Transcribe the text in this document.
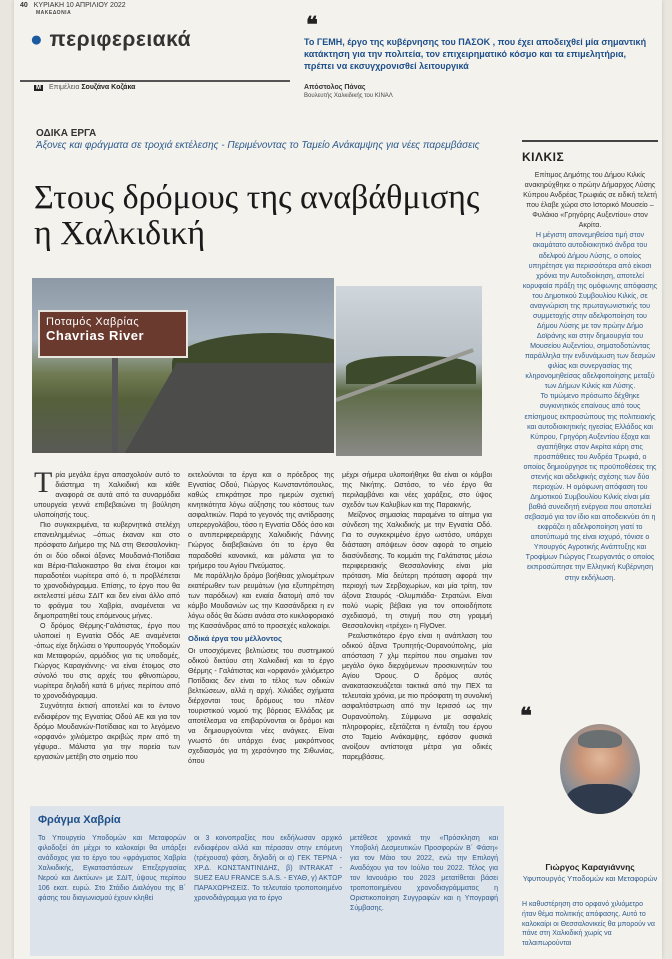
40 ΚΥΡΙΑΚΗ 10 ΑΠΡΙΛΙΟΥ 2022
ΜΑΚΕΔΟΝΙΑ
● περιφερειακά	Το ΓΕΜΗ, έργο της κυβέρνησης του ΠΑΣΟΚ , που έχει αποδειχθεί μία σημαντική κατάκτηση για την πολιτεία, τον επιχειρηματικό κόσμο και τα επιμελητήρια, πρέπει να εκσυγχρονισθεί λειτουργικά
Απόστολος Πάνας
Βουλευτής Χαλκιδικής του ΚΙΝΑΛ
❝
M Επιμέλεια Σουζάνα Κοζάκα
ΟΔΙΚΑ ΕΡΓΑ
Άξονες και φράγματα σε τροχιά εκτέλεσης - Περιμένοντας το Ταμείο Ανάκαμψης για νέες παρεμβάσεις
Στους δρόμους της αναβάθμισης η Χαλκιδική
Ποταμός Χαβρίας
Chavrias River

Τρία μεγάλα έργα απασχολούν αυτό το διάστημα τη Χαλκιδική και κάθε αναφορά σε αυτά από τα συναρμόδια υπουργεία γεννά επιβεβαιώνει τη βούληση υλοποίησής τους.

Πιο συγκεκριμένα, τα κυβερνητικά στελέχη επανειλημμένως –όπως έκαναν και στο πρόσφατο Διήμερο της ΝΔ στη Θεσσαλονίκη- ότι οι δύο οδικοί άξονες Μουδανιά-Ποτίδαια και Βέρια-Παλιοκαστρο θα είναι έτοιμοι και παραδοτέοι νωρίτερα από ό, τι προβλέπεται το χρονοδιάγραμμα. Επίσης, το έργο που θα εκτελεστεί μέσω ΣΔΙΤ και δεν είναι άλλο από το φράγμα του Χαβρία, αναμένεται να δημοπρατηθεί τους επόμενους μήνες.

Ο δρόμος Θέρμης-Γαλάτιστας, έργο που υλοποιεί η Εγνατία Οδός ΑΕ αναμένεται -όπως είχε δηλώσει ο Υφυπουργός Υποδομών και Μεταφορών, αρμόδιος για τις υποδομές, Γιώργος Καραγιάννης- να είναι έτοιμος στο σύνολό του στις αρχές του φθινοπώρου, νωρίτερα δηλαδή κατά 6 μήνες περίπου από το χρονοδιάγραμμα.

Συχνότητα έκτισή αποτελεί και το έντονο ενδιαφέρον της Εγνατίας Οδού ΑΕ και για τον δρόμο Μουδανιών-Ποτίδαιας και το λεγόμενο «ορφανό» χιλιόμετρο ακριβώς πριν από τη γέφυρα.. Μάλιστα για την πορεία των εργασιών μετέβη στο σημείο που

εκτελούνται τα έργα και ο πρόεδρος της Εγνατίας Οδού, Γιώργος Κωνσταντόπουλος, καθώς επικράτησε προ ημερών σχετική κινητικότητα λόγω αύξησης του κόστους των ασφαλτικών. Παρά το γεγονός της αντίδρασης υπερεργολάβου, τόσο η Εγνατία Οδός όσο και ο αντιπεριφερειάρχης Χαλκιδικής Γιάννης Γιώργος διαβεβαιώνει ότι το έργο θα παραδοθεί κανονικά, και μάλιστα για το τριήμερο του Αγίου Πνεύματος.

Με παράλληλο δρόμο βοήθειας χιλιομέτρων εκατέρωθεν των ρευμάτων (για εξυπηρέτηση των παρόδιων) και ενιαία διατομή από τον κόμβο Μουδανιών ως την Κασσάνδρεια η εν λόγω οδός θα δώσει ανάσα στο κυκλοφοριακό της Κασσάνδρας από το προσεχές καλοκαίρι.

Οδικά έργα του μέλλοντος

Οι υποσχόμενες βελτιώσεις του συστημικού οδικού δικτύου στη Χαλκιδική και το έργο Θέρμης - Γαλάτιστας και «ορφανό» χιλιόμετρο Ποτίδαιας δεν είναι το τέλος των οδικών βελτιώσεων, αλλά η αρχή. Χιλιάδες σχήματα διέρχονται τους δρόμους του πλέον τουριστικού νομού της βόρειας Ελλάδας με αποτέλεσμα να επιβαρύνονται οι δρόμοι και να δημιουργούνται νέες ανάγκες. Είναι γνωστό ότι υπάρχει ένας μακρόπνοος σχεδιασμός για τη χερσόνησο της Σιθωνίας, όπου

μέχρι σήμερα υλοποιήθηκε θα είναι οι κόμβοι της Νικήτης. Ωστόσο, το νέο έργο θα περιλαμβάνει και νέες χαράξεις, στο ύψος σχεδόν των Καλυβίων και της Παρακινής.

Μείζονος σημασίας παραμένει το αίτημα για σύνδεση της Χαλκιδικής με την Εγνατία Οδό. Για το συγκεκριμένο έργο ωστόσο, υπάρχει διάσταση απόψεων όσον αφορά το σημείο διασύνδεσης. Το κομμάτι της Γαλάτιστας μέσω περιφερειακής Θεσσαλονίκης είναι μία πρόταση. Μία δεύτερη πρόταση αφορά την περιοχή των Σερβοχωρίων, και μία τρίτη, τον άξονα Σταυρός -Ολυμπιάδα- Στρατώνι. Είναι πολύ νωρίς βέβαια για τον οποιοδήποτε σχεδιασμό, τη στιγμή που στη γραμμή Θεσσαλονίκη «τρέχει» η FlyOver.

Ρεαλιστικότερο έργο είναι η ανάπλαση του οδικού άξονα Τρυπητής-Ουρανούπολης, μία απόσταση 7 χλμ περίπου που σημαίνει τον μεγάλο όγκο διερχόμενων προσκυνητών του Αγίου Όρους. Ο δρόμος αυτός ανακατασκευάζεται τακτικά από την ΠΕΧ τα τελευταία χρόνια, με πιο πρόσφατη τη συνολική ασφαλτόστρωση από την Ιερισσό ως την Ουρανούπολη. Σύμφωνα με ασφαλείς πληροφορίες, εξετάζεται η ένταξη του έργου στο Ταμείο Ανάκαμψης, εφόσον φυσικά ανοίξουν αντίστοιχα μέτρα για οδικές παρεμβάσεις.

ΚΙΛΚΙΣ

Επίτιμος Δημότης του Δήμου Κιλκίς ανακηρύχθηκε ο πρώην Δήμαρχος Λύσης Κύπρου Ανδρέας Τρωφιάς σε ειδική τελετή που έλαβε χώρα στο Ιστορικό Μουσείο – Φυλάκιο «Γρηγόρης Αυξεντίου» στον Ακρίτα.

Η μέγιστη απονεμηθείσα τιμή στον ακαμάτατο αυτοδιοικητικό άνδρα του αδελφού Δήμου Λύσης, ο οποίος υπηρέτησε για περισσότερα από είκοσι χρόνια την Αυτοδιοίκηση, αποτελεί κορυφαία πράξη της ομόφωνης απόφασης του Δημοτικού Συμβουλίου Κιλκίς, σε αναγνώριση της πρωταγωνιστικής του συμμετοχής στην αδελφοποίηση του Δήμου Λύσης με τον πρώην Δήμο Δοϊράνης και στην δημιουργία του Μουσείου Αυξεντίου, σηματοδοτώντας παράλληλα την ενδυνάμωση των δεσμών φιλίας και συνεργασίας της κληρονομηθείσας αδελφοποίησης μεταξύ των Δήμων Κιλκίς και Λύσης.

Το τιμώμενο πρόσωπο δέχθηκε συγκινητικός επαίνους από τους επίσημους εκπροσώπους της πολιτειακής και αυτοδιοικητικής ηγεσίας Ελλάδος και Κύπρου, Γρηγόρη Αυξεντίου έξοχα και αγαπήθηκε στον Ακρίτα κάρη στις προσπάθειες του Ανδρέα Τρωφιά, ο οποίος δημιούργησε τις προϋποθέσεις της στενής και αδελφικής σχέσης των δύο περιοχών. Η ομόφωνη απόφαση του Δημοτικού Συμβουλίου Κιλκίς είναι μία βαθιά συνειδητή ενέργεια που αποτελεί σεβασμό για τον ίδιο και αποδεικνύει ότι η εκφράζει η αδελφοποίηση γιατί το αποτύπωμά της είναι ισχυρό, τόνισε ο Υπουργός Αγροτικής Ανάπτυξης και Τροφίμων Γιώργος Γεωργαντάς ο οποίος εκπροσώπησε την Ελληνική Κυβέρνηση στην εκδήλωση.

❝
Γιώργος Καραγιάννης
Υφυπουργός Υποδομών και Μεταφορών
Η καθυστέρηση στο ορφανό χιλιόμετρο ήταν θέμα πολιτικής απόφασης. Αυτό το καλοκαίρι οι Θεσσαλονικείς θα μπορούν να πάνε στη Χαλκιδική χωρίς να ταλαιπωρούνται
Φράγμα Χαβρία
Το Υπουργείο Υποδομών και Μεταφορών φιλοδοξεί ότι μέχρι το καλοκαίρι θα υπάρξει ανάδοχος για το έργο του «φράγματος Χαβρία Χαλκιδικής, Εγκαταστάσεων Επεξεργασίας Νερού και Δικτύων» με ΣΔΙΤ, ύψους περίπου 106 εκατ. ευρώ. Στο Στάδιο Διαλόγου της Β΄ φάσης του διαγωνισμού έχουν κληθεί
οι 3 κοινοπραξίες που εκδήλωσαν αρχικό ενδιαφέρον αλλά και πέρασαν στην επόμενη (τρέχουσα) φάση, δηλαδή οι α) ΓΕΚ ΤΕΡΝΑ - ΧΡ.Δ. ΚΩΝΣΤΑΝΤΙΝΙΔΗΣ, β) INTRAKAT - SUEZ EAU FRANCE S.A.S. - ΕΥΑΘ, γ) ΑΚΤΩΡ ΠΑΡΑΧΩΡΗΣΕΙΣ. Το τελευταίο τροποποιημένο χρονοδιάγραμμα για το έργο
μετέθεσε χρονικά την «Πρόσκληση και Υποβολή Δεσμευτικών Προσφορών Β΄ Φάση» για τον Μάιο του 2022, ενώ την Επιλογή Αναδόχου για τον Ιούλιο του 2022. Τέλος για τον Ιανουάριο του 2023 μετατίθεται βάσει τροποποιημένου χρονοδιαγράμματος η Οριστικοποίηση Συγγραφών και η Υπογραφή Σύμβασης.
